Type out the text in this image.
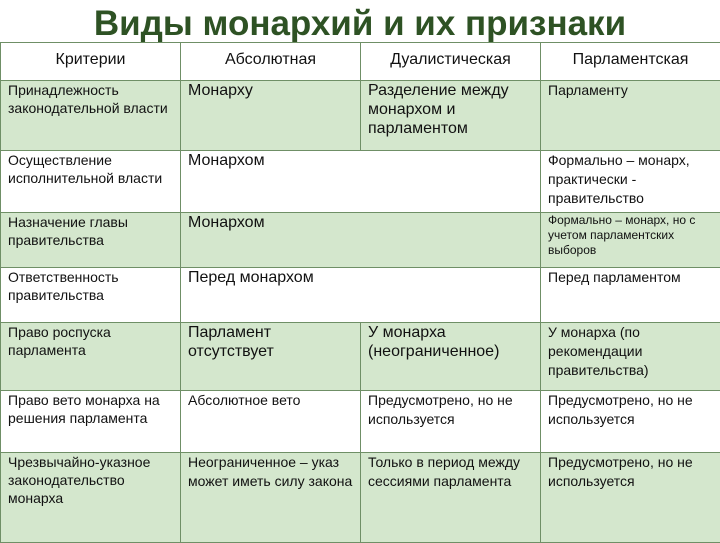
Виды монархий и их признаки
Критерии	Абсолютная	Дуалистическая	Парламентская
Принадлежность законодательной власти	Монарху	Разделение между монархом и парламентом	Парламенту
Осуществление исполнительной власти	Монархом		Формально – монарх, практически - правительство
Назначение главы правительства	Монархом		Формально – монарх, но с учетом парламентских выборов
Ответственность правительства	Перед монархом		Перед парламентом
Право роспуска парламента	Парламент отсутствует	У монарха (неограниченное)	У монарха (по рекомендации правительства)
Право вето монарха на решения парламента	Абсолютное вето	Предусмотрено, но не используется	Предусмотрено, но не используется
Чрезвычайно-указное законодательство монарха	Неограниченное – указ может иметь силу закона	Только в период между сессиями парламента	Предусмотрено, но не используется
